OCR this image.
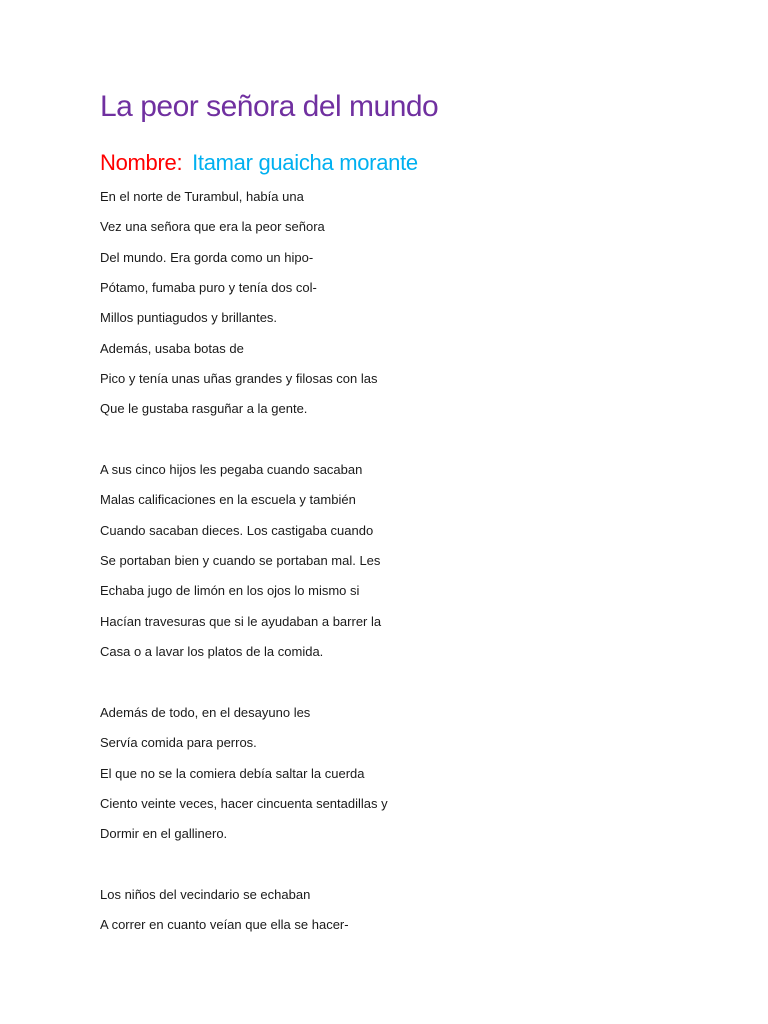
La peor señora del mundo

Nombre: Itamar guaicha morante

En el norte de Turambul, había una
Vez una señora que era la peor señora
Del mundo. Era gorda como un hipo-
Pótamo, fumaba puro y tenía dos col-
Millos puntiagudos y brillantes.
Además, usaba botas de
Pico y tenía unas uñas grandes y filosas con las
Que le gustaba rasguñar a la gente.
A sus cinco hijos les pegaba cuando sacaban
Malas calificaciones en la escuela y también
Cuando sacaban dieces. Los castigaba cuando
Se portaban bien y cuando se portaban mal. Les
Echaba jugo de limón en los ojos lo mismo si
Hacían travesuras que si le ayudaban a barrer la
Casa o a lavar los platos de la comida.
Además de todo, en el desayuno les
Servía comida para perros.
El que no se la comiera debía saltar la cuerda
Ciento veinte veces, hacer cincuenta sentadillas y
Dormir en el gallinero.
Los niños del vecindario se echaban
A correr en cuanto veían que ella se hacer-
